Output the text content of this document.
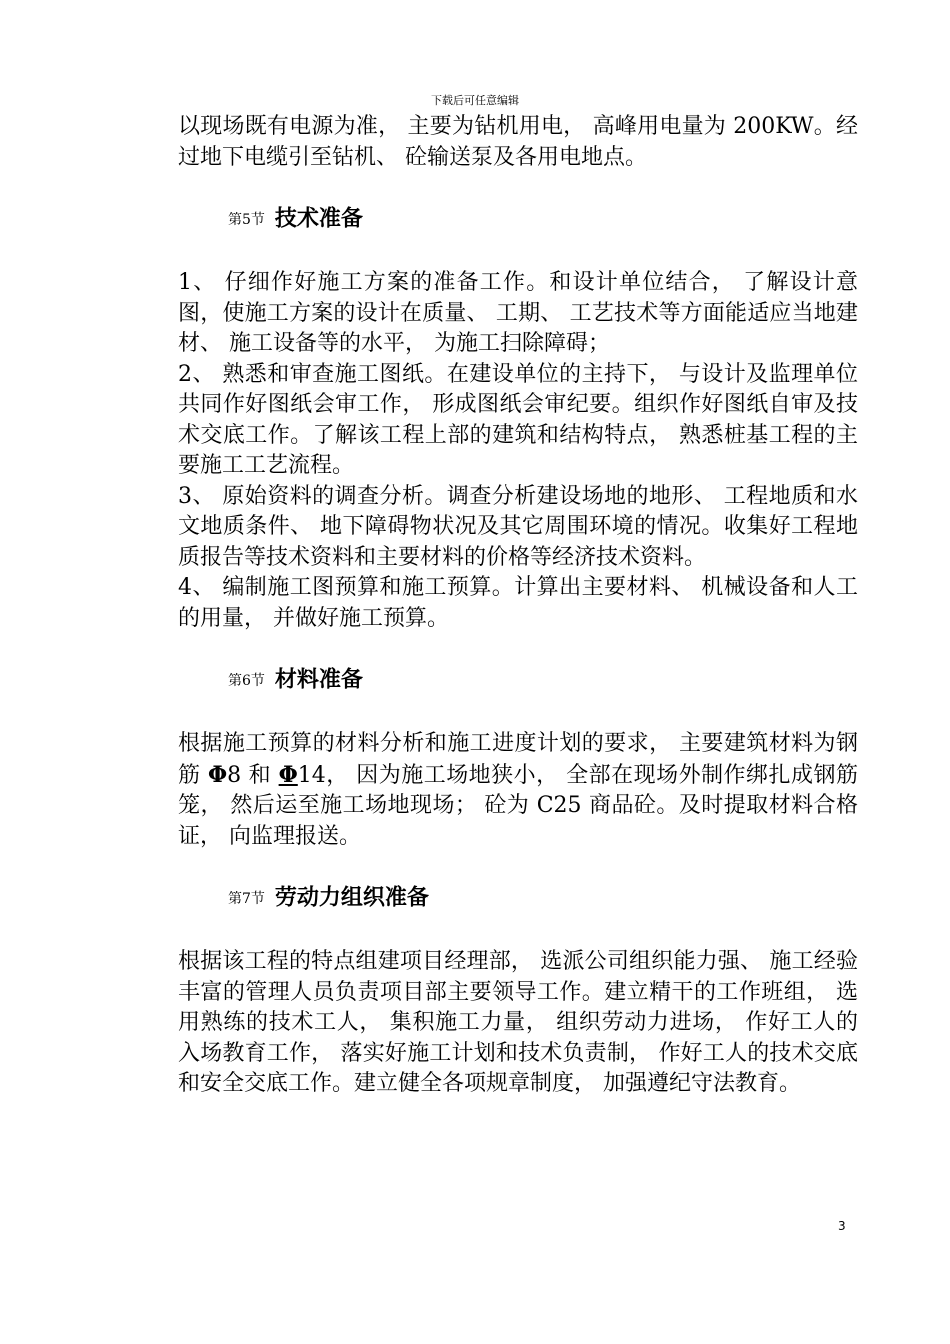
下载后可任意编辑

以现场既有电源为准， 主要为钻机用电， 高峰用电量为 200KW。经过地下电缆引至钻机、 砼输送泵及各用电地点。

第5节 技术准备

1、 仔细作好施工方案的准备工作。和设计单位结合， 了解设计意图，使施工方案的设计在质量、 工期、 工艺技术等方面能适应当地建材、 施工设备等的水平， 为施工扫除障碍；

2、 熟悉和审查施工图纸。在建设单位的主持下， 与设计及监理单位共同作好图纸会审工作， 形成图纸会审纪要。组织作好图纸自审及技术交底工作。了解该工程上部的建筑和结构特点， 熟悉桩基工程的主要施工工艺流程。

3、 原始资料的调查分析。调查分析建设场地的地形、 工程地质和水文地质条件、 地下障碍物状况及其它周围环境的情况。收集好工程地质报告等技术资料和主要材料的价格等经济技术资料。

4、 编制施工图预算和施工预算。计算出主要材料、 机械设备和人工的用量， 并做好施工预算。

第6节 材料准备

根据施工预算的材料分析和施工进度计划的要求， 主要建筑材料为钢筋 Φ8 和 Φ14， 因为施工场地狭小， 全部在现场外制作绑扎成钢筋笼， 然后运至施工场地现场； 砼为 C25 商品砼。及时提取材料合格证， 向监理报送。

第7节 劳动力组织准备

根据该工程的特点组建项目经理部， 选派公司组织能力强、 施工经验丰富的管理人员负责项目部主要领导工作。建立精干的工作班组， 选用熟练的技术工人， 集积施工力量， 组织劳动力进场， 作好工人的入场教育工作， 落实好施工计划和技术负责制， 作好工人的技术交底和安全交底工作。建立健全各项规章制度， 加强遵纪守法教育。

3
